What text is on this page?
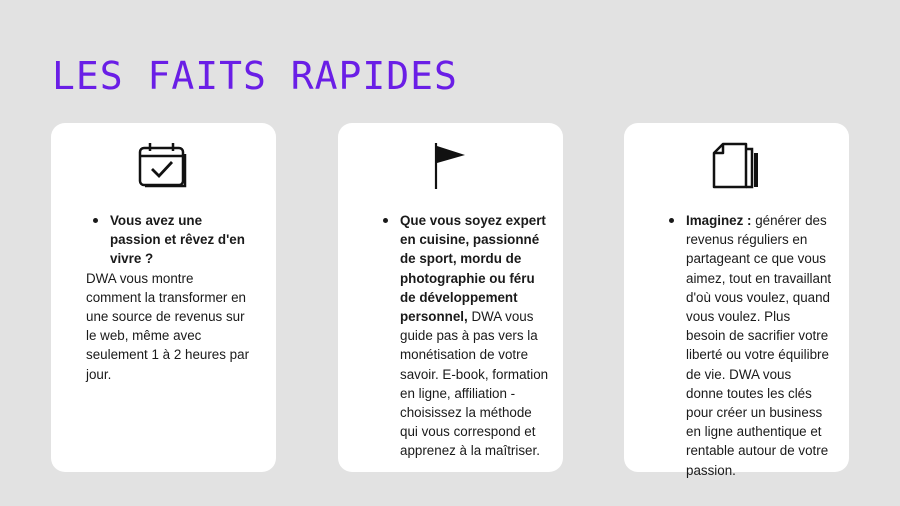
LES FAITS RAPIDES
Vous avez une passion et rêvez d'en vivre ?
DWA vous montre comment la transformer en une source de revenus sur le web, même avec seulement 1 à 2 heures par jour.
Que vous soyez expert en cuisine, passionné de sport, mordu de photographie ou féru de développement personnel, DWA vous guide pas à pas vers la monétisation de votre savoir. E-book, formation en ligne, affiliation - choisissez la méthode qui vous correspond et apprenez à la maîtriser.
Imaginez : générer des revenus réguliers en partageant ce que vous aimez, tout en travaillant d'où vous voulez, quand vous voulez. Plus besoin de sacrifier votre liberté ou votre équilibre de vie. DWA vous donne toutes les clés pour créer un business en ligne authentique et rentable autour de votre passion.
